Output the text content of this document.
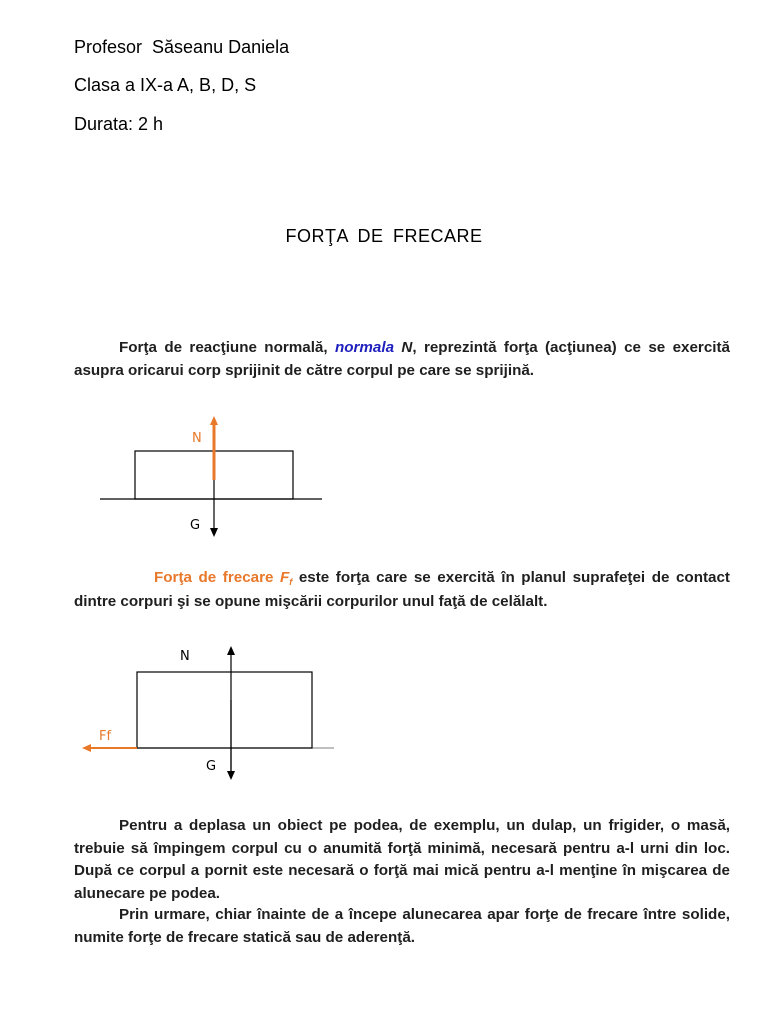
Profesor  Săseanu Daniela
Clasa a IX-a A, B, D, S
Durata: 2 h
FORŢA DE FRECARE
Forţa de reacţiune normală, normala N, reprezintă forţa (acţiunea) ce se exercită asupra oricarui corp sprijinit de către corpul pe care se sprijină.
N
G
N
G
Ff
Forţa de frecare Ff este forţa care se exercită în planul suprafeţei de contact dintre corpuri şi se opune mişcării corpurilor unul faţă de celălalt.
Pentru a deplasa un obiect pe podea, de exemplu, un dulap, un frigider, o masă, trebuie să împingem corpul cu o anumită forţă minimă, necesară pentru a-l urni din loc. După ce corpul a pornit este necesară o forţă mai mică pentru a-l menţine în mişcarea de alunecare pe podea.
Prin urmare, chiar înainte de a începe alunecarea apar forţe de frecare între solide, numite forţe de frecare statică sau de aderenţă.
